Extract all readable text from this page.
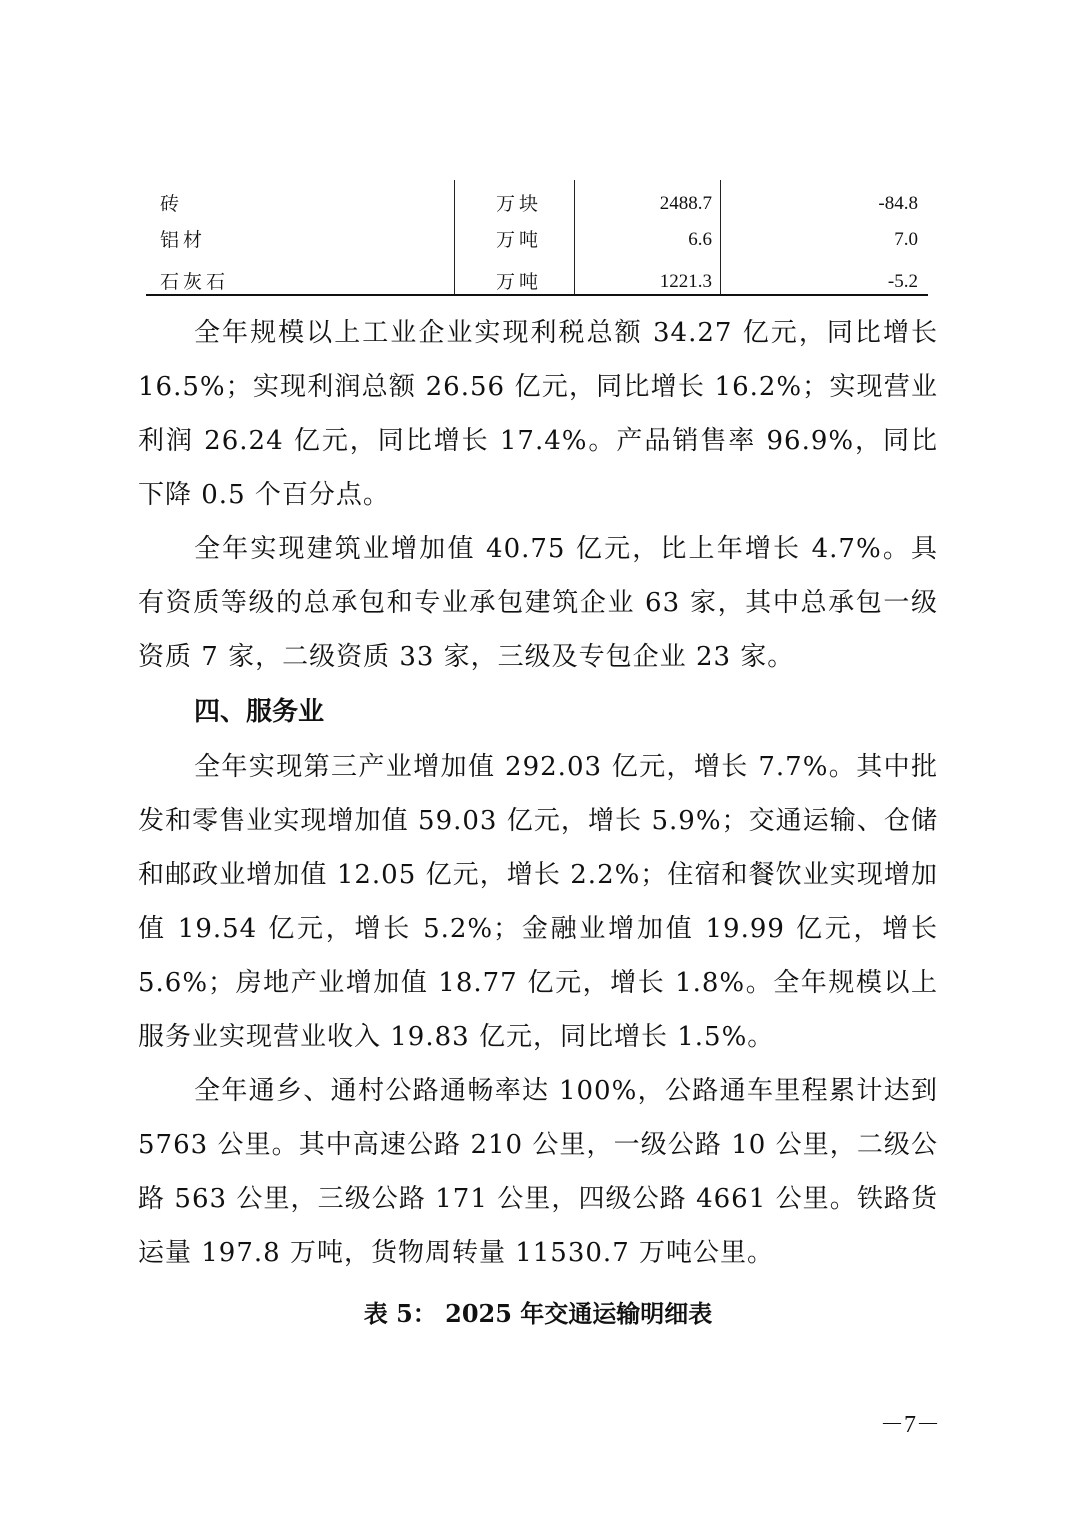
砖	万块	2488.7	-84.8
铝材	万吨	6.6	7.0
石灰石	万吨	1221.3	-5.2

全年规模以上工业企业实现利税总额 34.27 亿元，同比增长 16.5%；实现利润总额 26.56 亿元，同比增长 16.2%；实现营业利润 26.24 亿元，同比增长 17.4%。产品销售率 96.9%，同比下降 0.5 个百分点。

全年实现建筑业增加值 40.75 亿元，比上年增长 4.7%。具有资质等级的总承包和专业承包建筑企业 63 家，其中总承包一级资质 7 家，二级资质 33 家，三级及专包企业 23 家。

四、服务业

全年实现第三产业增加值 292.03 亿元，增长 7.7%。其中批发和零售业实现增加值 59.03 亿元，增长 5.9%；交通运输、仓储和邮政业增加值 12.05 亿元，增长 2.2%；住宿和餐饮业实现增加值 19.54 亿元，增长 5.2%；金融业增加值 19.99 亿元，增长 5.6%；房地产业增加值 18.77 亿元，增长 1.8%。全年规模以上服务业实现营业收入 19.83 亿元，同比增长 1.5%。

全年通乡、通村公路通畅率达 100%，公路通车里程累计达到 5763 公里。其中高速公路 210 公里，一级公路 10 公里，二级公路 563 公里，三级公路 171 公里，四级公路 4661 公里。铁路货运量 197.8 万吨，货物周转量 11530.7 万吨公里。

表 5： 2025 年交通运输明细表

－7－
